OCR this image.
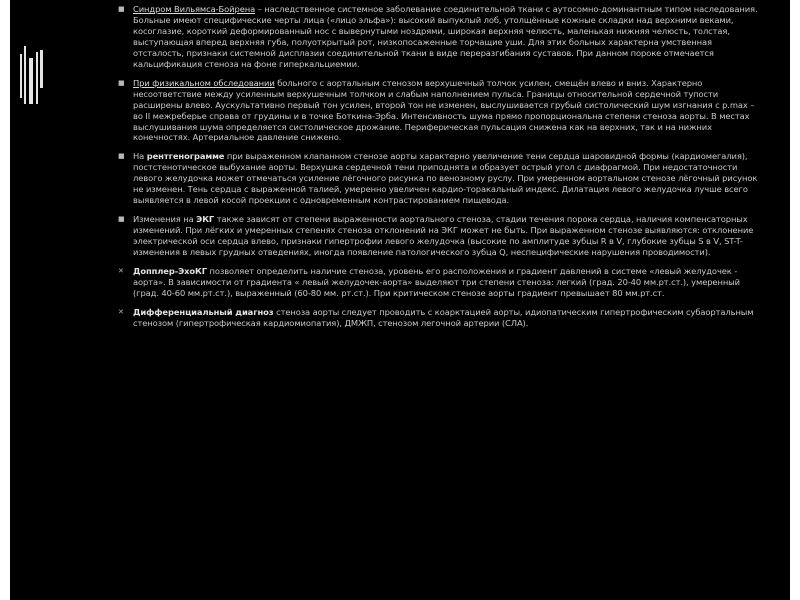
■ Синдром Вильямса-Бойрена – наследственное системное заболевание соединительной ткани с аутосомно-доминантным типом наследования. Больные имеют специфические черты лица («лицо эльфа»): высокий выпуклый лоб, утолщённые кожные складки над верхними веками, косоглазие, короткий деформированный нос с вывернутыми ноздрями, широкая верхняя челюсть, маленькая нижняя челюсть, толстая, выступающая вперед верхняя губа, полуоткрытый рот, низкопосаженные торчащие уши. Для этих больных характерна умственная отсталость, признаки системной дисплазии соединительной ткани в виде переразгибания суставов. При данном пороке отмечается кальцификация стеноза на фоне гиперкальциемии.
■ При физикальном обследовании больного с аортальным стенозом верхушечный толчок усилен, смещён влево и вниз. Характерно несоответствие между усиленным верхушечным толчком и слабым наполнением пульса. Границы относительной сердечной тупости расширены влево. Аускультативно первый тон усилен, второй тон не изменен, выслушивается грубый систолический шум изгнания с p.max – во II межреберье справа от грудины и в точке Боткина-Эрба. Интенсивность шума прямо пропорциональна степени стеноза аорты. В местах выслушивания шума определяется систолическое дрожание. Периферическая пульсация снижена как на верхних, так и на нижних конечностях. Артериальное давление снижено.
■ На рентгенограмме при выраженном клапанном стенозе аорты характерно увеличение тени сердца шаровидной формы (кардиомегалия), постстенотическое выбухание аорты. Верхушка сердечной тени приподнята и образует острый угол с диафрагмой. При недостаточности левого желудочка может отмечаться усиление лёгочного рисунка по венозному руслу. При умеренном аортальном стенозе лёгочный рисунок не изменен. Тень сердца с выраженной талией, умеренно увеличен кардио-торакальный индекс. Дилатация левого желудочка лучше всего выявляется в левой косой проекции с одновременным контрастированием пищевода.
■ Изменения на ЭКГ также зависят от степени выраженности аортального стеноза, стадии течения порока сердца, наличия компенсаторных изменений. При лёгких и умеренных степенях стеноза отклонений на ЭКГ может не быть. При выраженном стенозе выявляются: отклонение электрической оси сердца влево, признаки гипертрофии левого желудочка (высокие по амплитуде зубцы R в V, глубокие зубцы S в V, ST-T-изменения в левых грудных отведениях, иногда появление патологического зубца Q, неспецифические нарушения проводимости).
✕ Допплер-ЭхоКГ позволяет определить наличие стеноза, уровень его расположения и градиент давлений в системе «левый желудочек - аорта». В зависимости от градиента « левый желудочек-аорта» выделяют три степени стеноза: легкий (град. 20-40 мм.рт.ст.), умеренный (град. 40-60 мм.рт.ст.), выраженный (60-80 мм. рт.ст.). При критическом стенозе аорты градиент превышает 80 мм.рт.ст.
✕ Дифференциальный диагноз стеноза аорты следует проводить с коарктацией аорты, идиопатическим гипертрофическим субаортальным стенозом (гипертрофическая кардиомиопатия), ДМЖП, стенозом легочной артерии (СЛА).
